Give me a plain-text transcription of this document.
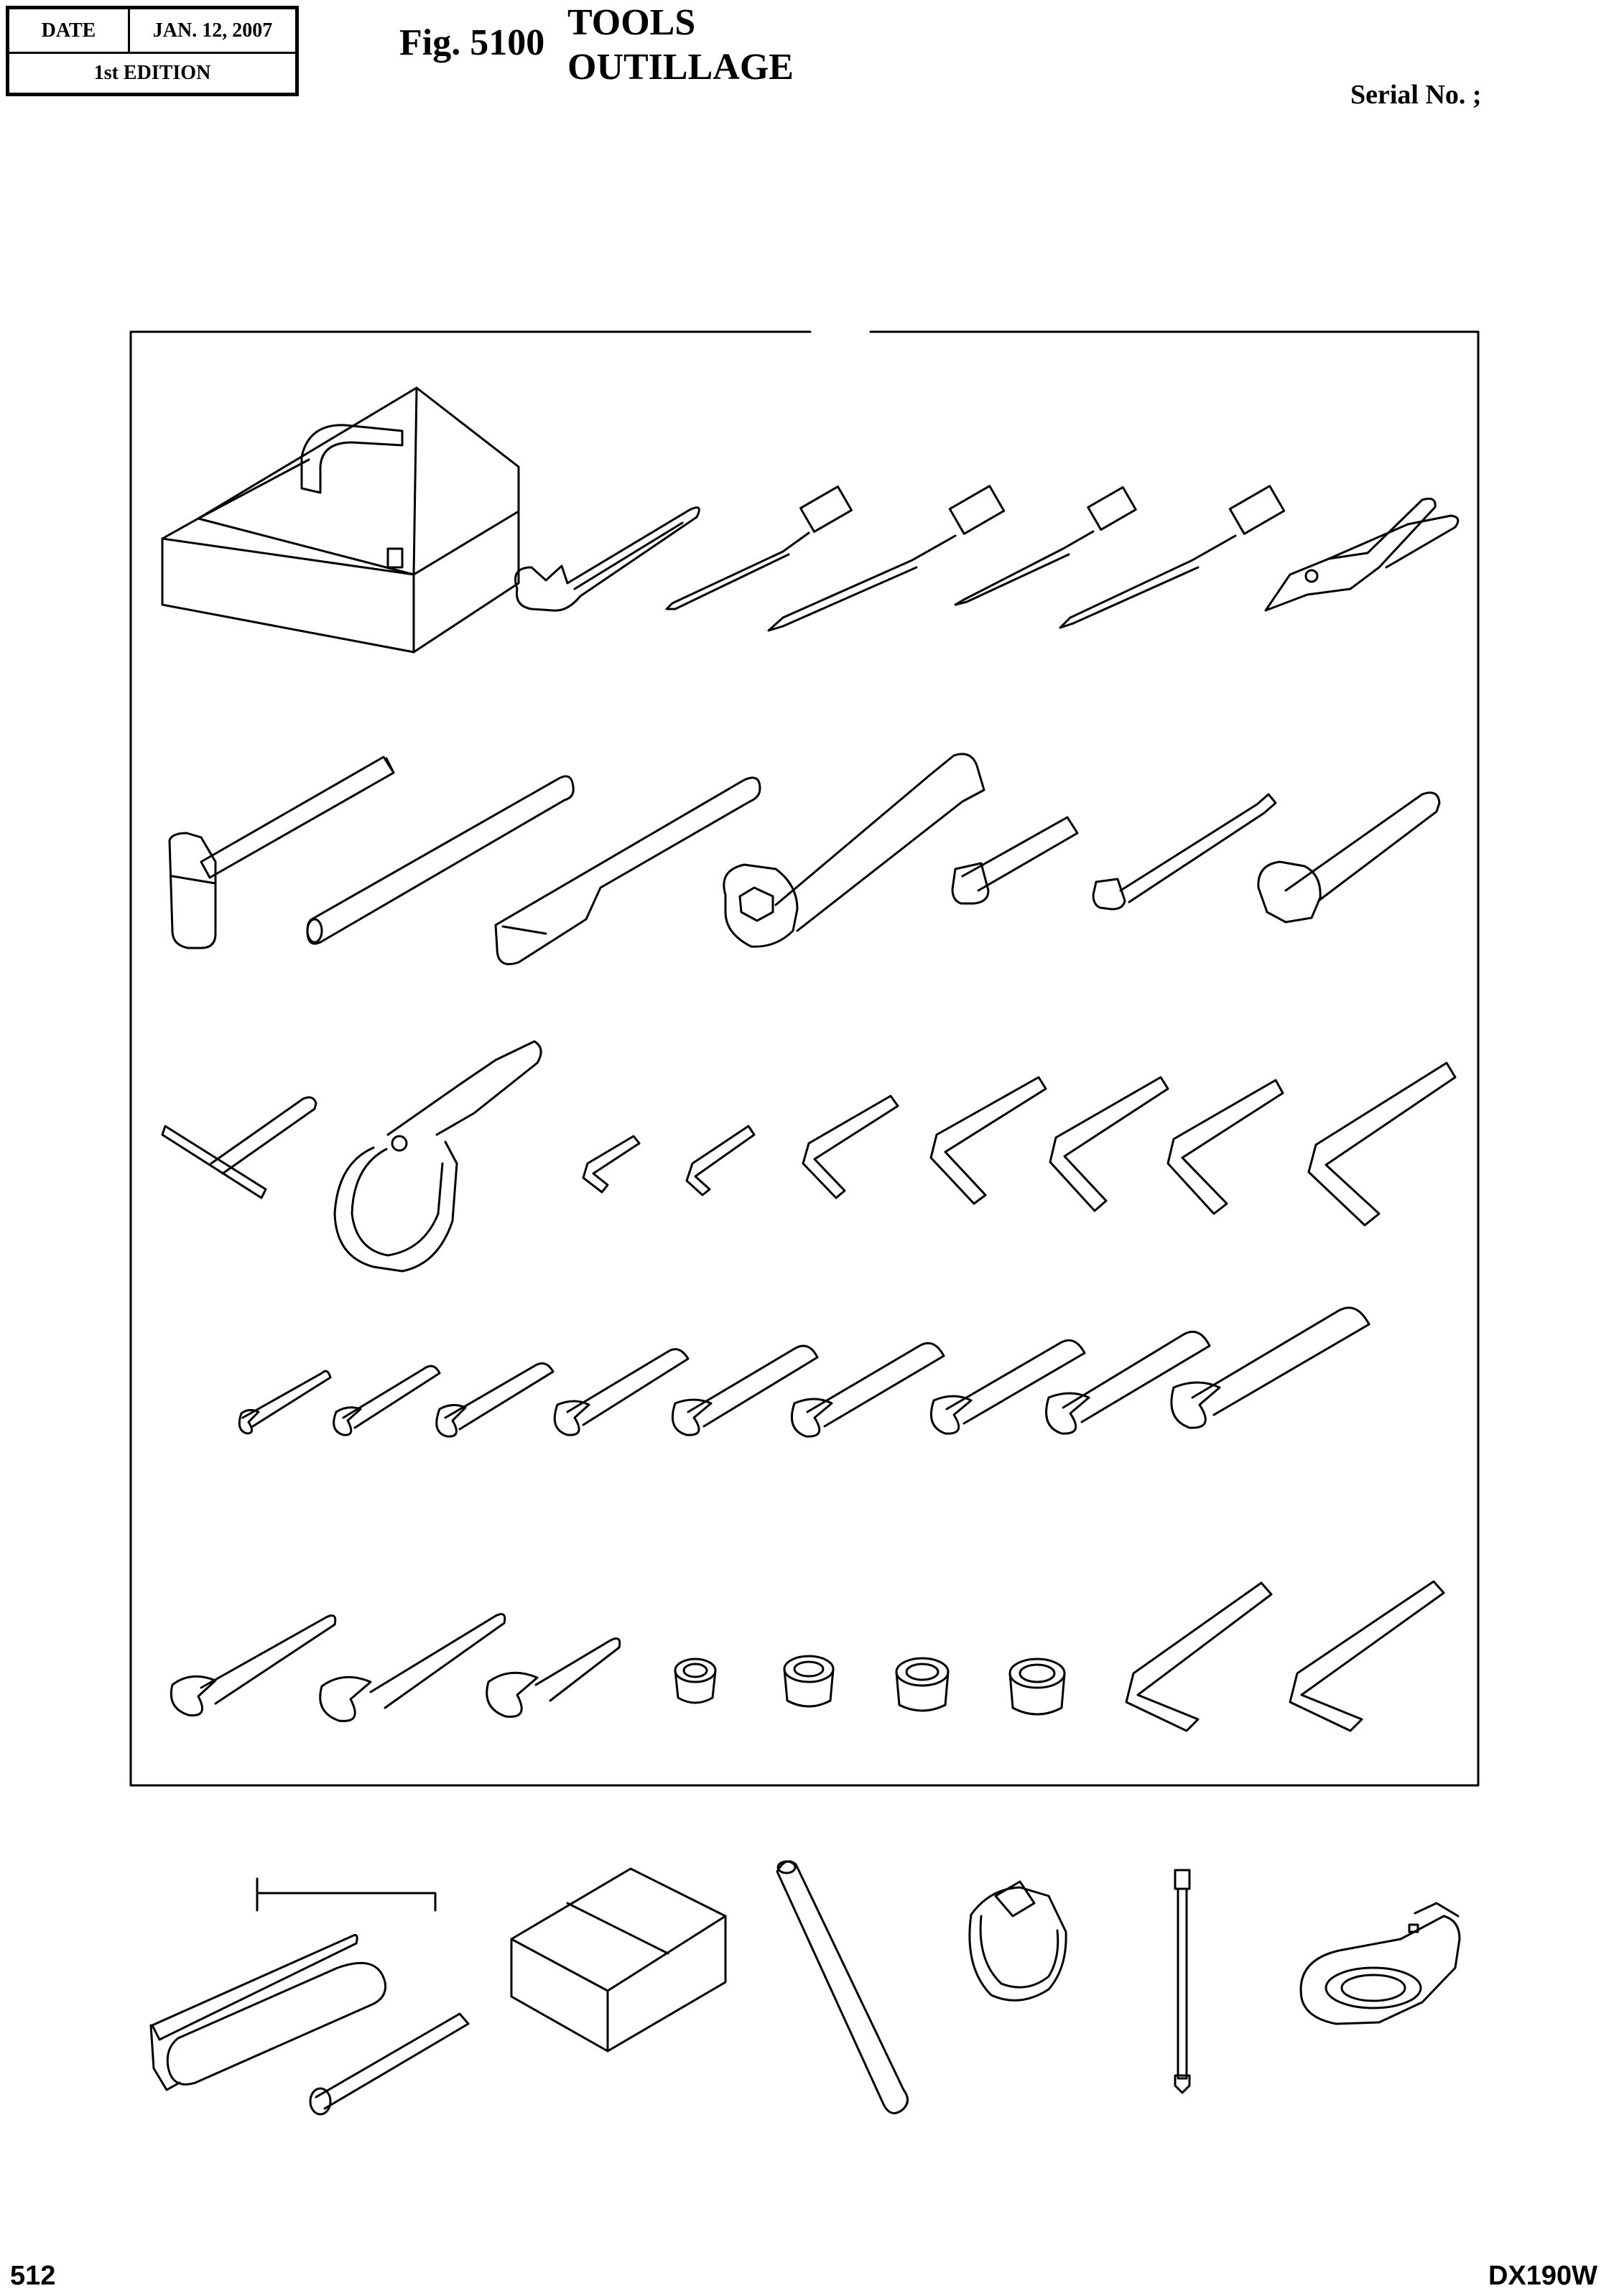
DATE	JAN. 12, 2007
1st EDITION
Fig. 5100 TOOLS
OUTILLAGE
Serial No. ;
512	DX190W
